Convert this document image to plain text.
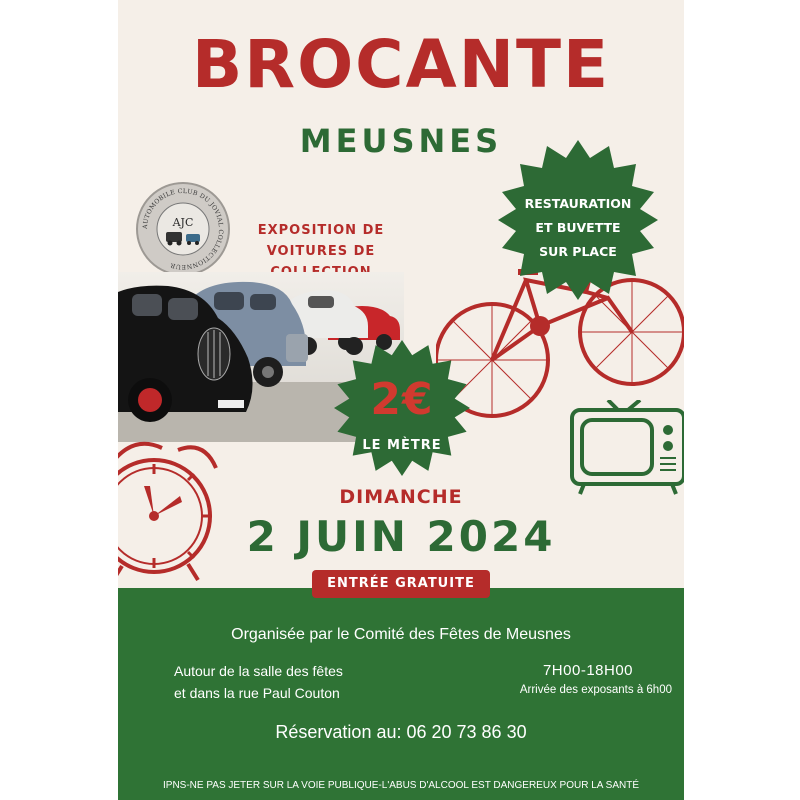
BROCANTE
MEUSNES
AUTOMOBILE CLUB DU JOVIAL COLLECTIONNEUR
AJC
EXPOSITION DE
VOITURES DE
RESTAURATION
ET BUVETTE
SUR PLACE
2€
LE MÈTRE
DIMANCHE
2 JUIN 2024
ENTRÉE GRATUITE
Organisée par le Comité des Fêtes de Meusnes
Autour de la salle des fêtes
et dans la rue Paul Couton
7H00-18H00
Arrivée des exposants à 6h00
Réservation au: 06 20 73 86 30
IPNS-NE PAS JETER SUR LA VOIE PUBLIQUE-L'ABUS D'ALCOOL EST DANGEREUX POUR LA SANTÉ
